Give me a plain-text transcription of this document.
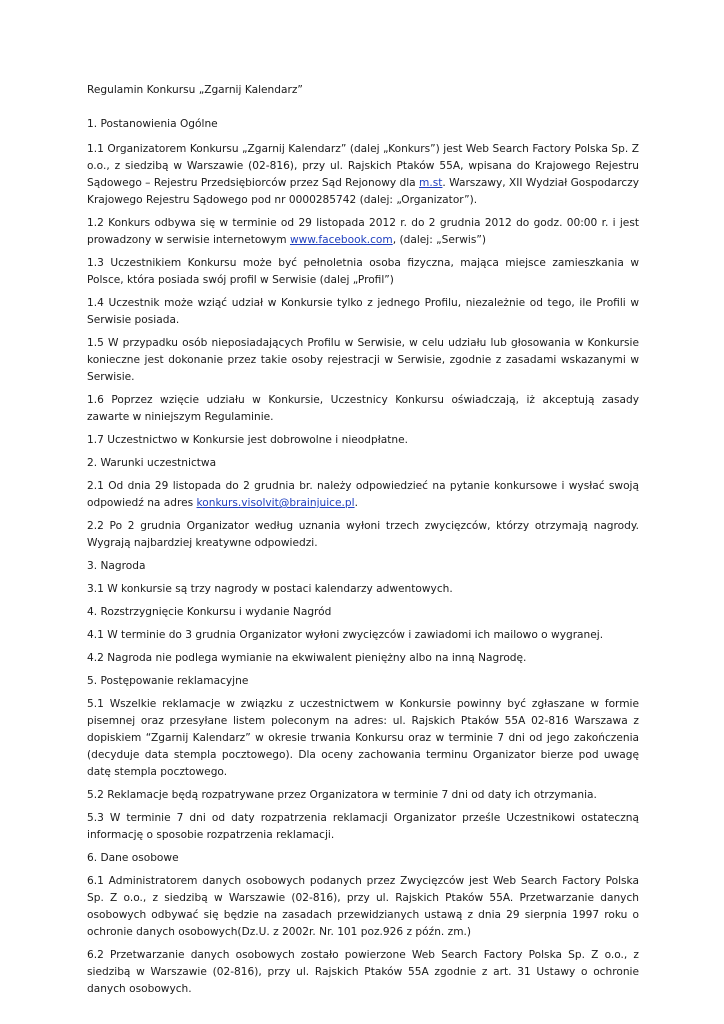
Regulamin Konkursu „Zgarnij Kalendarz”
1. Postanowienia Ogólne
1.1 Organizatorem Konkursu „Zgarnij Kalendarz” (dalej „Konkurs”) jest Web Search Factory Polska Sp. Z o.o., z siedzibą w Warszawie (02-816), przy ul. Rajskich Ptaków 55A, wpisana do Krajowego Rejestru Sądowego – Rejestru Przedsiębiorców przez Sąd Rejonowy dla m.st. Warszawy, XII Wydział Gospodarczy Krajowego Rejestru Sądowego pod nr 0000285742 (dalej: „Organizator”).
1.2 Konkurs odbywa się w terminie od 29 listopada 2012 r. do 2 grudnia 2012 do godz. 00:00 r. i jest prowadzony w serwisie internetowym www.facebook.com, (dalej: „Serwis”)
1.3 Uczestnikiem Konkursu może być pełnoletnia osoba fizyczna, mająca miejsce zamieszkania w Polsce, która posiada swój profil w Serwisie (dalej „Profil”)
1.4 Uczestnik może wziąć udział w Konkursie tylko z jednego Profilu, niezależnie od tego, ile Profili w Serwisie posiada.
1.5 W przypadku osób nieposiadających Profilu w Serwisie, w celu udziału lub głosowania w Konkursie konieczne jest dokonanie przez takie osoby rejestracji w Serwisie, zgodnie z zasadami wskazanymi w Serwisie.
1.6 Poprzez wzięcie udziału w Konkursie, Uczestnicy Konkursu oświadczają, iż akceptują zasady zawarte w niniejszym Regulaminie.
1.7 Uczestnictwo w Konkursie jest dobrowolne i nieodpłatne.
2. Warunki uczestnictwa
2.1 Od dnia 29 listopada do 2 grudnia br. należy odpowiedzieć na pytanie konkursowe i wysłać swoją odpowiedź na adres konkurs.visolvit@brainjuice.pl.
2.2 Po 2 grudnia Organizator według uznania wyłoni trzech zwycięzców, którzy otrzymają nagrody. Wygrają najbardziej kreatywne odpowiedzi.
3. Nagroda
3.1 W konkursie są trzy nagrody w postaci kalendarzy adwentowych.
4. Rozstrzygnięcie Konkursu i wydanie Nagród
4.1 W terminie do 3 grudnia Organizator wyłoni zwycięzców i zawiadomi ich mailowo o wygranej.
4.2 Nagroda nie podlega wymianie na ekwiwalent pieniężny albo na inną Nagrodę.
5. Postępowanie reklamacyjne
5.1 Wszelkie reklamacje w związku z uczestnictwem w Konkursie powinny być zgłaszane w formie pisemnej oraz przesyłane listem poleconym na adres: ul. Rajskich Ptaków 55A 02-816 Warszawa z dopiskiem “Zgarnij Kalendarz” w okresie trwania Konkursu oraz w terminie 7 dni od jego zakończenia (decyduje data stempla pocztowego). Dla oceny zachowania terminu Organizator bierze pod uwagę datę stempla pocztowego.
5.2 Reklamacje będą rozpatrywane przez Organizatora w terminie 7 dni od daty ich otrzymania.
5.3 W terminie 7 dni od daty rozpatrzenia reklamacji Organizator prześle Uczestnikowi ostateczną informację o sposobie rozpatrzenia reklamacji.
6. Dane osobowe
6.1 Administratorem danych osobowych podanych przez Zwycięzców jest Web Search Factory Polska Sp. Z o.o., z siedzibą w Warszawie (02-816), przy ul. Rajskich Ptaków 55A. Przetwarzanie danych osobowych odbywać się będzie na zasadach przewidzianych ustawą z dnia 29 sierpnia 1997 roku o ochronie danych osobowych(Dz.U. z 2002r. Nr. 101 poz.926 z późn. zm.)
6.2 Przetwarzanie danych osobowych zostało powierzone Web Search Factory Polska Sp. Z o.o., z siedzibą w Warszawie (02-816), przy ul. Rajskich Ptaków 55A zgodnie z art. 31 Ustawy o ochronie danych osobowych.
